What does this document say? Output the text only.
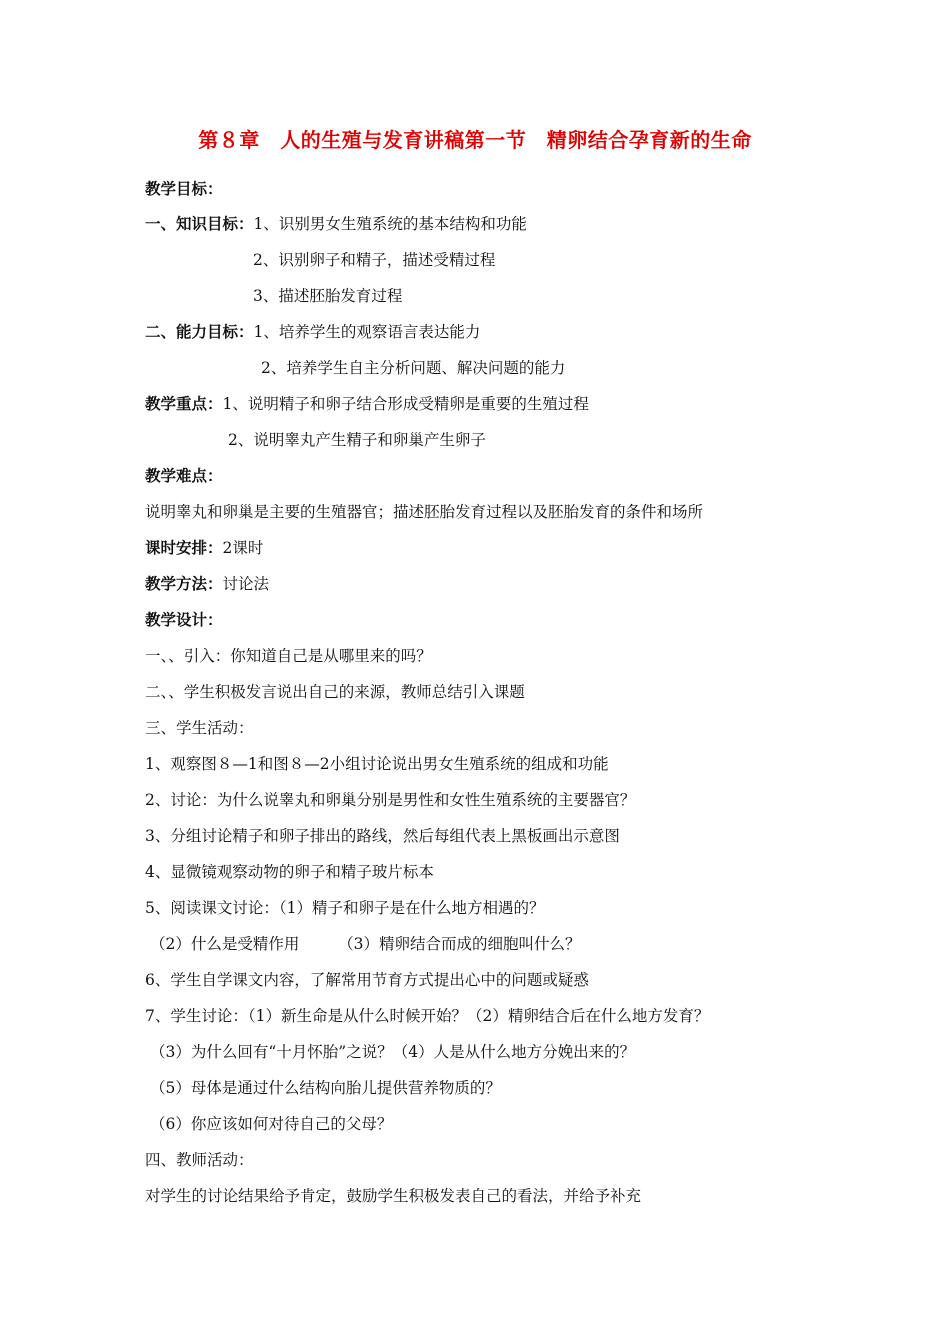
第８章　人的生殖与发育讲稿第一节　精卵结合孕育新的生命
教学目标：
一、知识目标：1、识别男女生殖系统的基本结构和功能
2、识别卵子和精子，描述受精过程
3、描述胚胎发育过程
二、能力目标：1、培养学生的观察语言表达能力
2、培养学生自主分析问题、解决问题的能力
教学重点：1、说明精子和卵子结合形成受精卵是重要的生殖过程
2、说明睾丸产生精子和卵巢产生卵子
教学难点：
说明睾丸和卵巢是主要的生殖器官；描述胚胎发育过程以及胚胎发育的条件和场所
课时安排：2课时
教学方法：讨论法
教学设计：
一、、引入：你知道自己是从哪里来的吗？
二、、学生积极发言说出自己的来源，教师总结引入课题
三、学生活动：
1、观察图８—1和图８—2小组讨论说出男女生殖系统的组成和功能
2、讨论：为什么说睾丸和卵巢分别是男性和女性生殖系统的主要器官？
3、分组讨论精子和卵子排出的路线，然后每组代表上黑板画出示意图
4、显微镜观察动物的卵子和精子玻片标本
5、阅读课文讨论：（1）精子和卵子是在什么地方相遇的？
（2）什么是受精作用　　　（3）精卵结合而成的细胞叫什么？
6、学生自学课文内容，了解常用节育方式提出心中的问题或疑惑
7、学生讨论：（1）新生命是从什么时候开始？（2）精卵结合后在什么地方发育？
（3）为什么回有“十月怀胎”之说？（4）人是从什么地方分娩出来的？
（5）母体是通过什么结构向胎儿提供营养物质的？
（6）你应该如何对待自己的父母？
四、教师活动：
对学生的讨论结果给予肯定，鼓励学生积极发表自己的看法，并给予补充
